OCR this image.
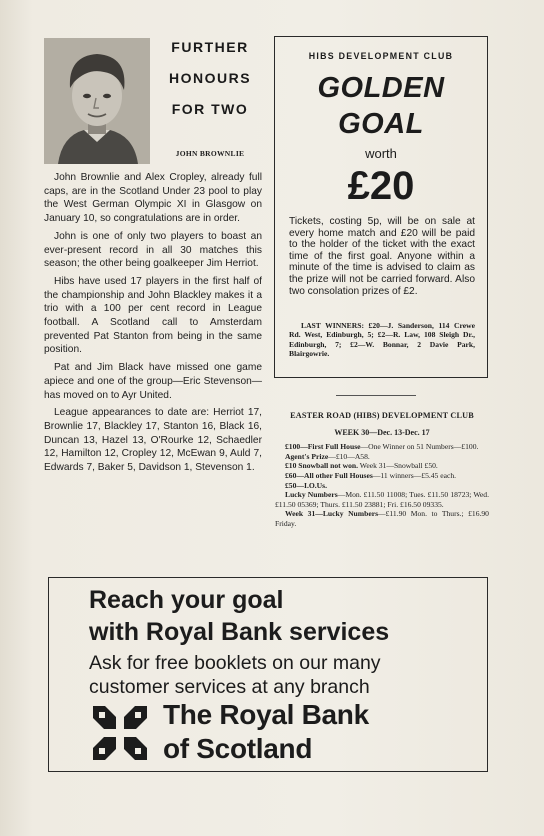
FURTHER
HONOURS
FOR TWO
JOHN BROWNLIE

John Brownlie and Alex Cropley, already full caps, are in the Scotland Under 23 pool to play the West German Olympic XI in Glasgow on January 10, so congratulations are in order.

John is one of only two players to boast an ever-present record in all 30 matches this season; the other being goalkeeper Jim Herriot.

Hibs have used 17 players in the first half of the championship and John Blackley makes it a trio with a 100 per cent record in League football. A Scotland call to Amsterdam prevented Pat Stanton from being in the same position.

Pat and Jim Black have missed one game apiece and one of the group—Eric Stevenson—has moved on to Ayr United.

League appearances to date are: Herriot 17, Brownlie 17, Blackley 17, Stanton 16, Black 16, Duncan 13, Hazel 13, O'Rourke 12, Schaedler 12, Hamilton 12, Cropley 12, McEwan 9, Auld 7, Edwards 7, Baker 5, Davidson 1, Stevenson 1.

HIBS DEVELOPMENT CLUB
GOLDEN
GOAL
worth
£20
Tickets, costing 5p, will be on sale at every home match and £20 will be paid to the holder of the ticket with the exact time of the first goal. Anyone within a minute of the time is advised to claim as the prize will not be carried forward. Also two consolation prizes of £2.
LAST WINNERS: £20—J. Sanderson, 114 Crewe Rd. West, Edinburgh, 5; £2—R. Law, 108 Sleigh Dr., Edinburgh, 7; £2—W. Bonnar, 2 Davie Park, Blairgowrie.
EASTER ROAD (HIBS) DEVELOPMENT CLUB
WEEK 30—Dec. 13-Dec. 17

£100—First Full House—One Winner on 51 Numbers—£100.

Agent's Prize—£10—A58.

£10 Snowball not won. Week 31—Snowball £50.

£60—All other Full Houses—11 winners—£5.45 each.

£50—I.O.Us.

Lucky Numbers—Mon. £11.50 11008; Tues. £11.50 18723; Wed. £11.50 05369; Thurs. £11.50 23881; Fri. £16.50 09335.

Week 31—Lucky Numbers—£11.90 Mon. to Thurs.; £16.90 Friday.

Reach your goal
with Royal Bank services
Ask for free booklets on our many
customer services at any branch
The Royal Bank
of Scotland
